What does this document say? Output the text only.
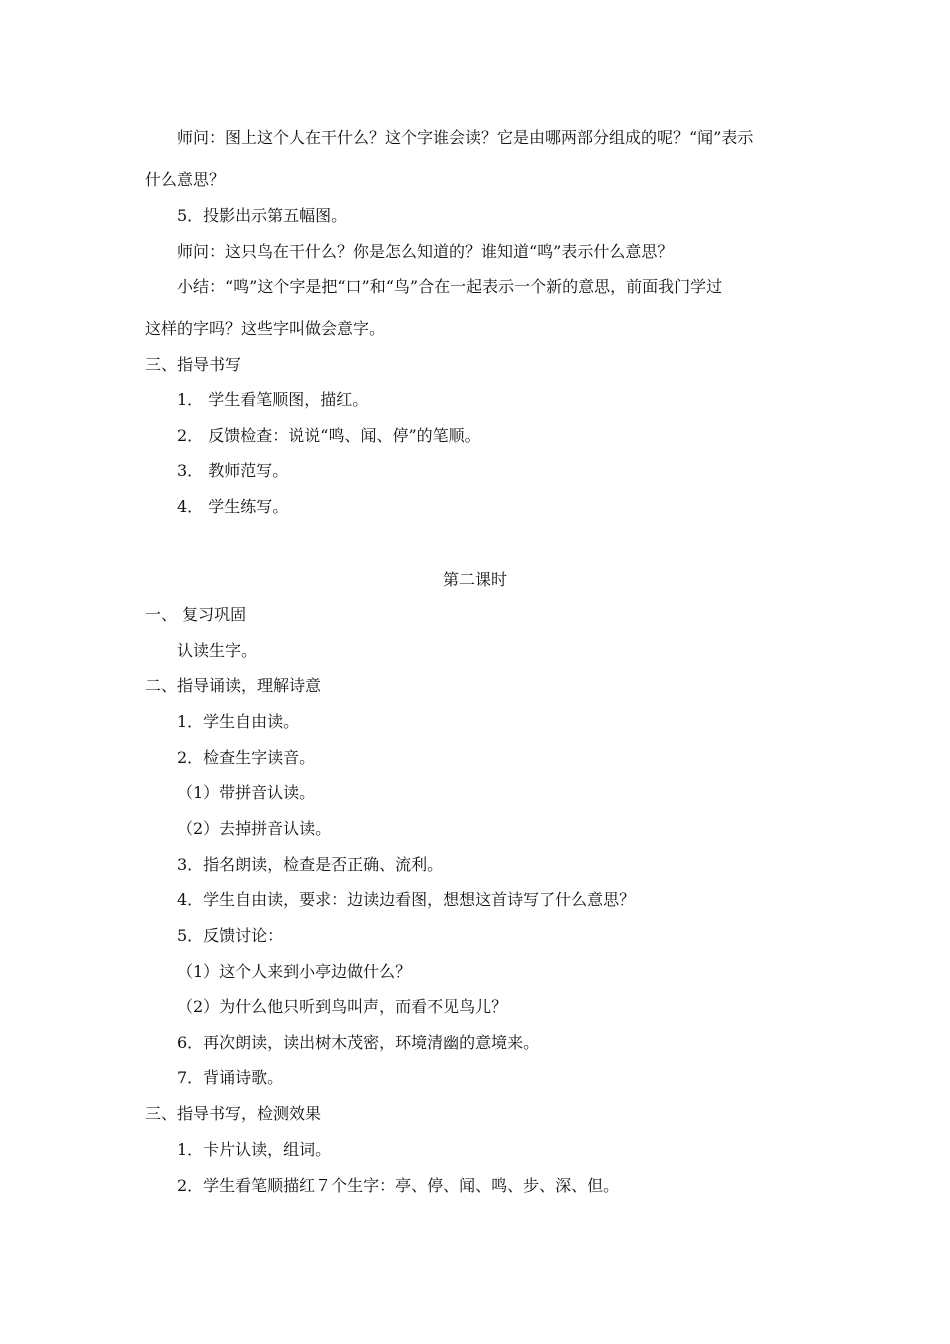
师问：图上这个人在干什么？这个字谁会读？它是由哪两部分组成的呢？“闻”表示
什么意思？
5．投影出示第五幅图。
师问：这只鸟在干什么？你是怎么知道的？谁知道“鸣”表示什么意思？
小结：“鸣”这个字是把“口”和“鸟”合在一起表示一个新的意思，前面我门学过
这样的字吗？这些字叫做会意字。
三、指导书写
1． 学生看笔顺图，描红。
2． 反馈检查：说说“鸣、闻、停”的笔顺。
3． 教师范写。
4． 学生练写。
第二课时
一、 复习巩固
认读生字。
二、指导诵读，理解诗意
1．学生自由读。
2．检查生字读音。
（1）带拼音认读。
（2）去掉拼音认读。
3．指名朗读，检查是否正确、流利。
4．学生自由读，要求：边读边看图，想想这首诗写了什么意思？
5．反馈讨论：
（1）这个人来到小亭边做什么？
（2）为什么他只听到鸟叫声，而看不见鸟儿？
6．再次朗读，读出树木茂密，环境清幽的意境来。
7．背诵诗歌。
三、指导书写，检测效果
1．卡片认读，组词。
2．学生看笔顺描红７个生字：亭、停、闻、鸣、步、深、但。
